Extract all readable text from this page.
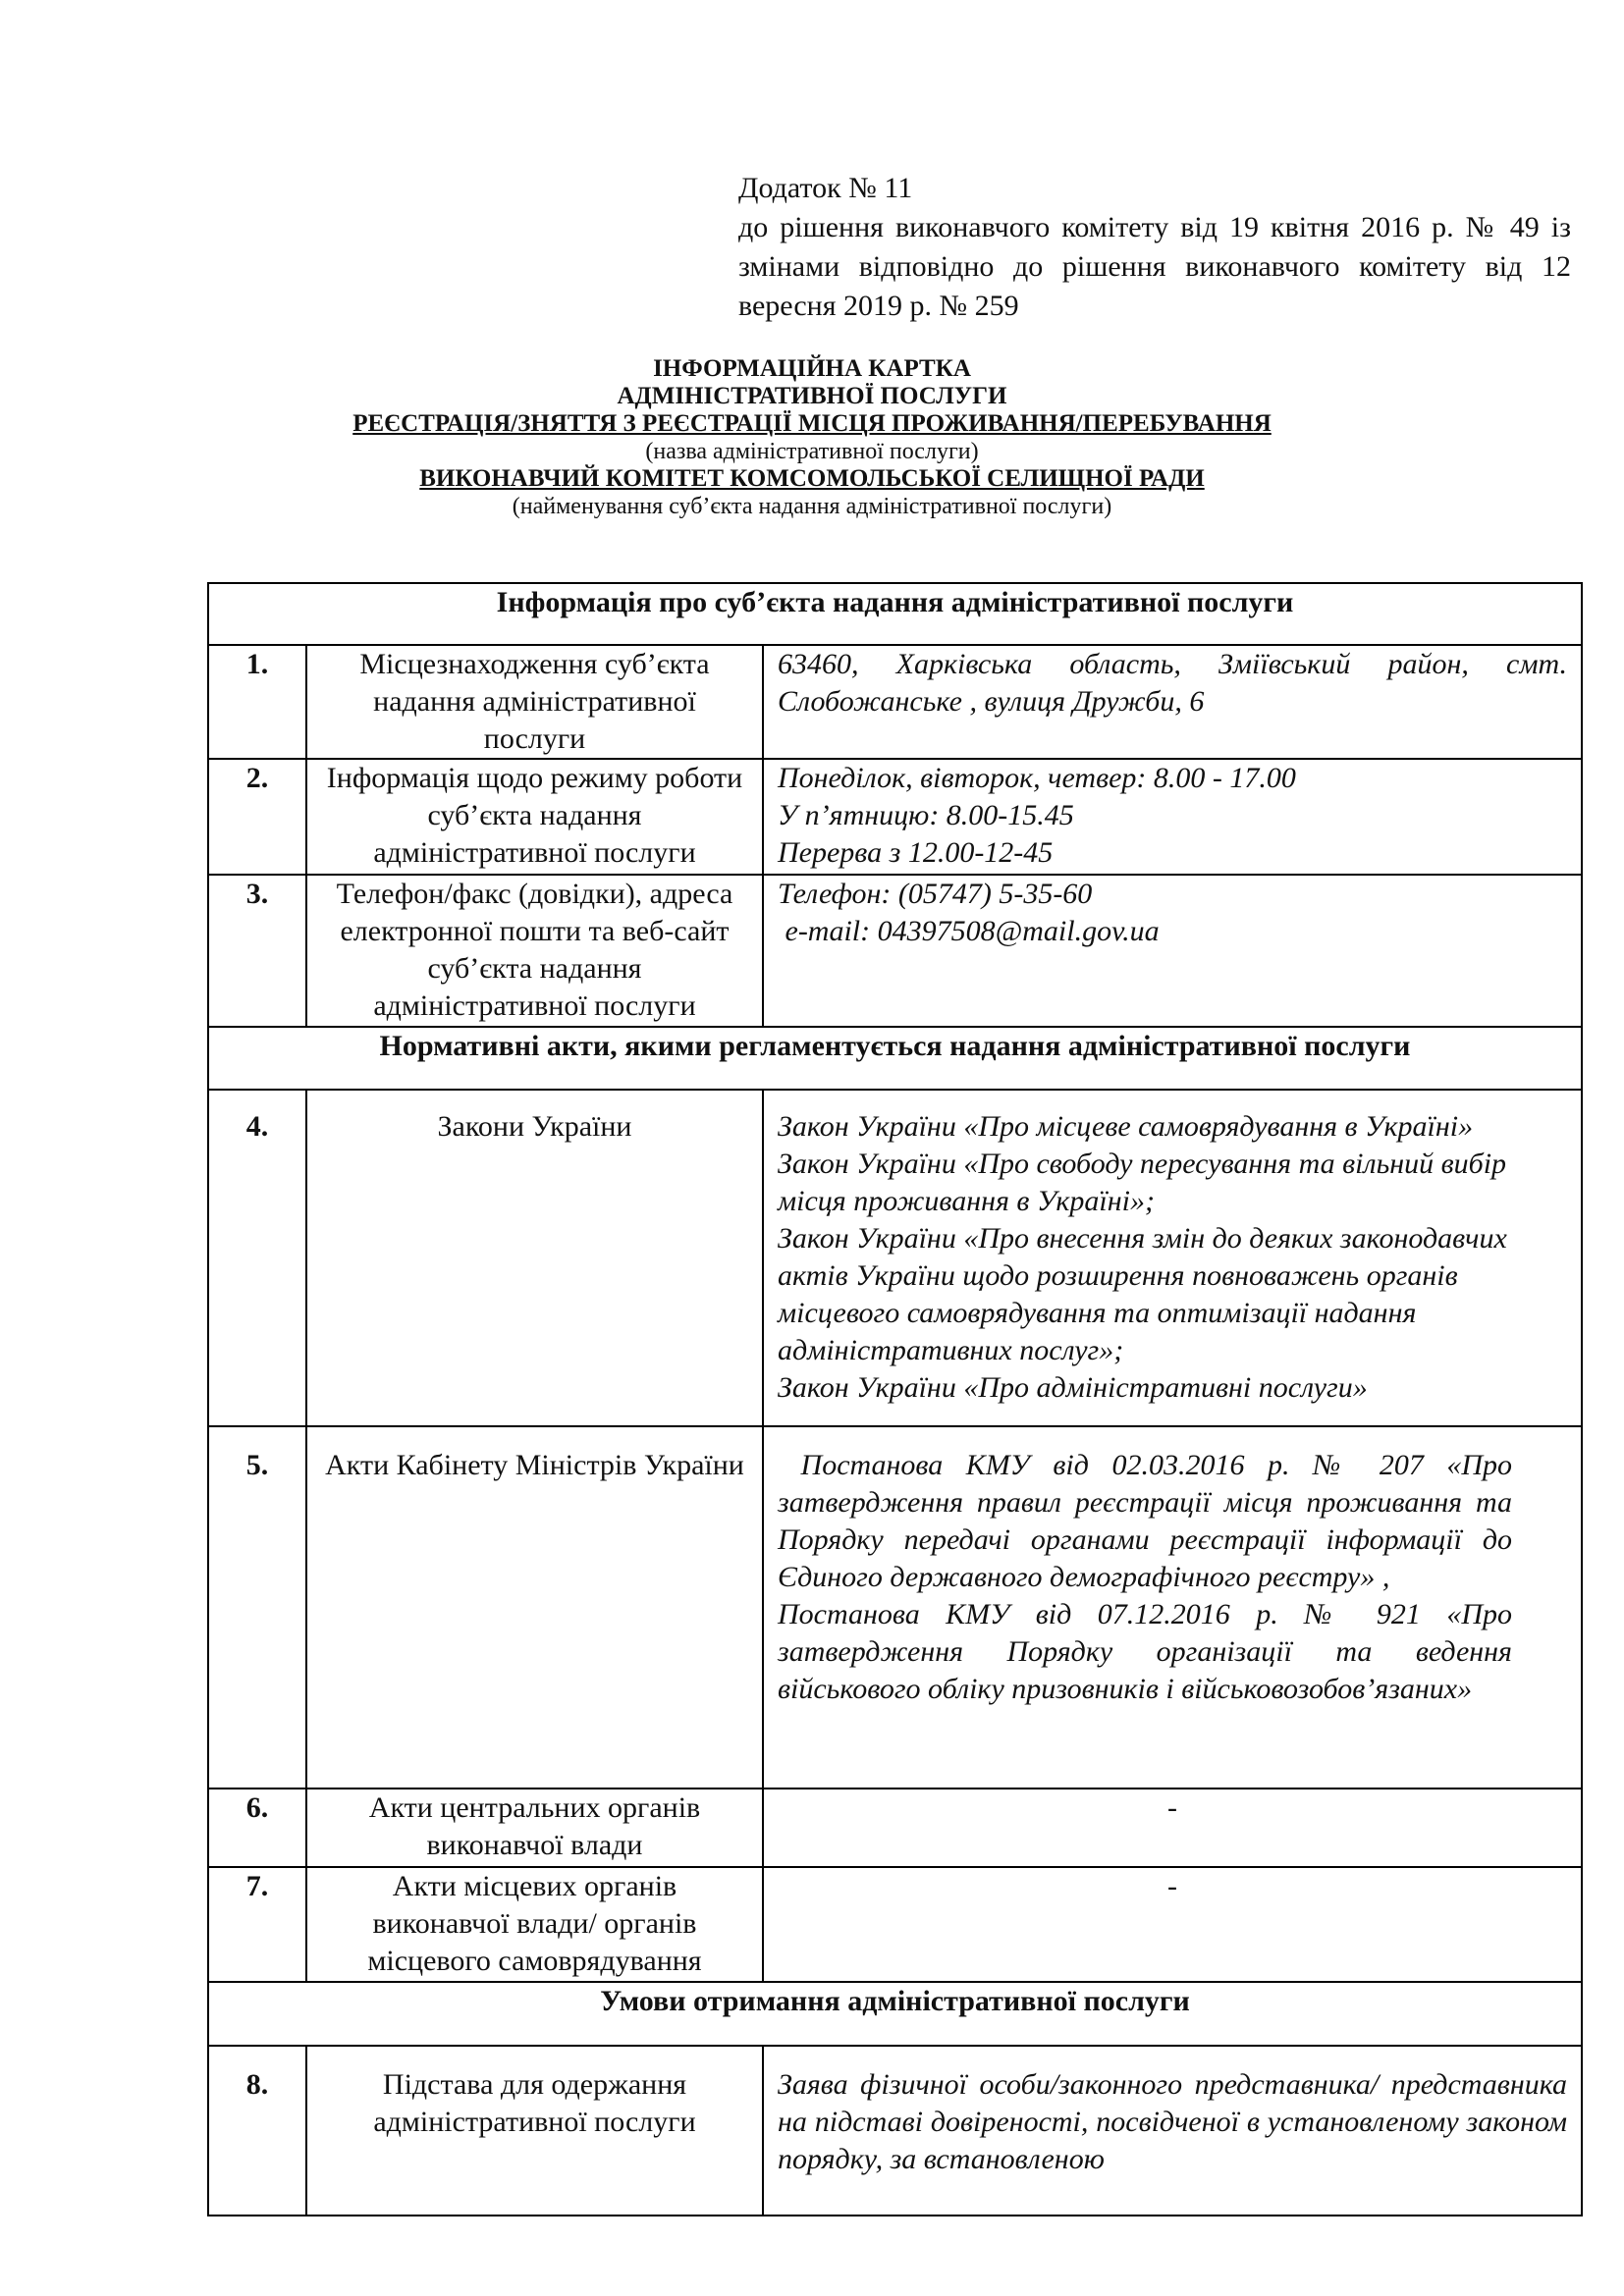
Додаток № 11
до рішення виконавчого комітету від 19 квітня 2016 р. № 49 із змінами відповідно до рішення виконавчого комітету від 12 вересня 2019 р. № 259
ІНФОРМАЦІЙНА КАРТКА
АДМІНІСТРАТИВНОЇ ПОСЛУГИ
РЕЄСТРАЦІЯ/ЗНЯТТЯ З РЕЄСТРАЦІЇ МІСЦЯ ПРОЖИВАННЯ/ПЕРЕБУВАННЯ
(назва адміністративної послуги)
ВИКОНАВЧИЙ КОМІТЕТ КОМСОМОЛЬСЬКОЇ СЕЛИЩНОЇ РАДИ
(найменування суб’єкта надання адміністративної послуги)
Інформація про суб’єкта надання адміністративної послуги		
1.	Місцезнаходження суб’єкта надання адміністративної послуги	63460, Харківська область, Зміївський район, смт. Слобожанське , вулиця Дружби, 6
2.	Інформація щодо режиму роботи суб’єкта надання адміністративної послуги	Понеділок, вівторок, четвер: 8.00 - 17.00
У п’ятницю: 8.00-15.45
Перерва з 12.00-12-45

3.	Телефон/факс (довідки), адреса електронної пошти та веб-сайт суб’єкта надання адміністративної послуги	Телефон: (05747) 5-35-60
e-mail: 04397508@mail.gov.ua

Нормативні акти, якими регламентується надання адміністративної послуги		
4.	Закони України	Закон України «Про місцеве самоврядування в Україні»
Закон України «Про свободу пересування та вільний вибір місця проживання в Україні»;
Закон України «Про внесення змін до деяких законодавчих актів України щодо розширення повноважень органів місцевого самоврядування та оптимізації надання адміністративних послуг»;
Закон України «Про адміністративні послуги»

5.	Акти Кабінету Міністрів України	Постанова КМУ від 02.03.2016 р. № 207 «Про затвердження правил реєстрації місця проживання та Порядку передачі органами реєстрації інформації до Єдиного державного демографічного реєстру» ,
Постанова КМУ від 07.12.2016 р. № 921 «Про затвердження Порядку організації та ведення військового обліку призовників і військовозобов’язаних»

6.	Акти центральних органів виконавчої влади	-
7.	Акти місцевих органів виконавчої влади/ органів місцевого самоврядування	-
Умови отримання адміністративної послуги		
8.	Підстава для одержання адміністративної послуги	Заява фізичної особи/законного представника/ представника на підставі довіреності, посвідченої в установленому законом порядку, за встановленою
